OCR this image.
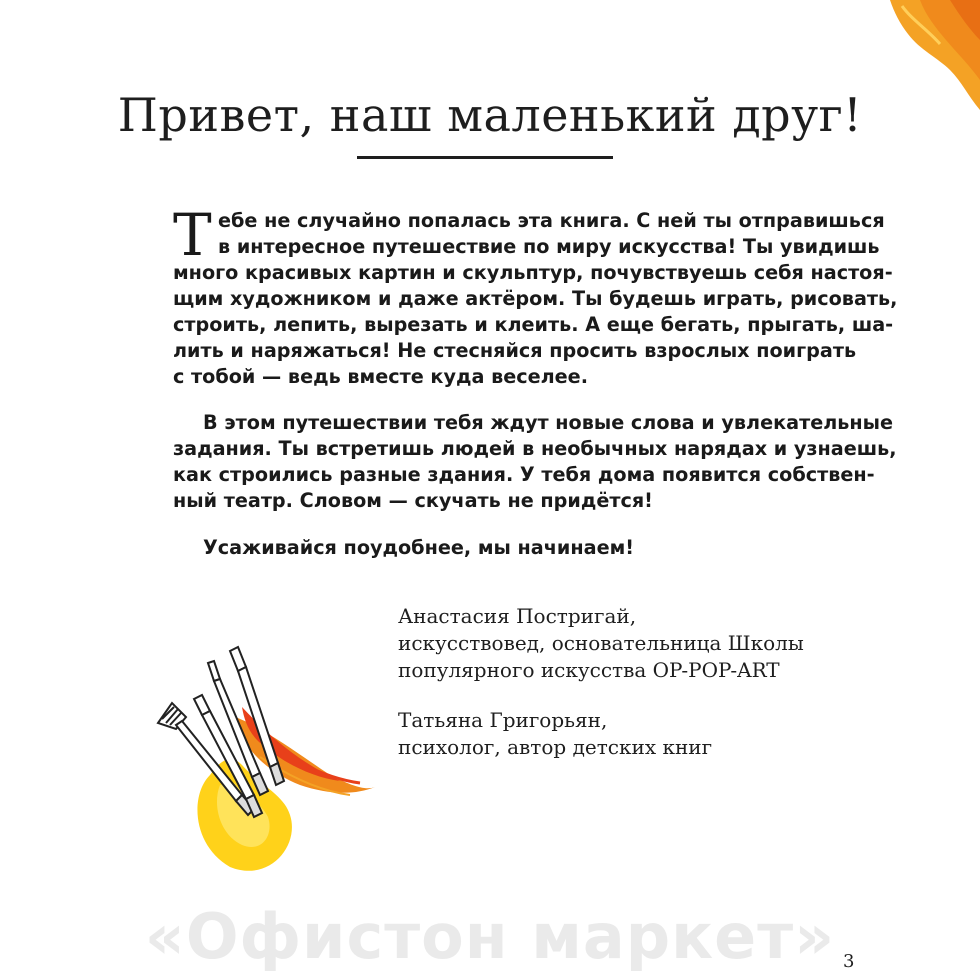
Привет, наш маленький друг!
Т ебе не случайно попалась эта книга. С ней ты отправишься
в интересное путешествие по миру искусства! Ты увидишь
много красивых картин и скульптур, почувствуешь себя настоя-
щим художником и даже актёром. Ты будешь играть, рисовать,
строить, лепить, вырезать и клеить. А еще бегать, прыгать, ша-
лить и наряжаться! Не стесняйся просить взрослых поиграть
с тобой — ведь вместе куда веселее.
В этом путешествии тебя ждут новые слова и увлекательные
задания. Ты встретишь людей в необычных нарядах и узнаешь,
как строились разные здания. У тебя дома появится собствен-
ный театр. Словом — скучать не придётся!
Усаживайся поудобнее, мы начинаем!
Анастасия Постригай,
искусствовед, основательница Школы
популярного искусства OP-POP-ART
Татьяна Григорьян,
психолог, автор детских книг
«Офистон маркет» 3
